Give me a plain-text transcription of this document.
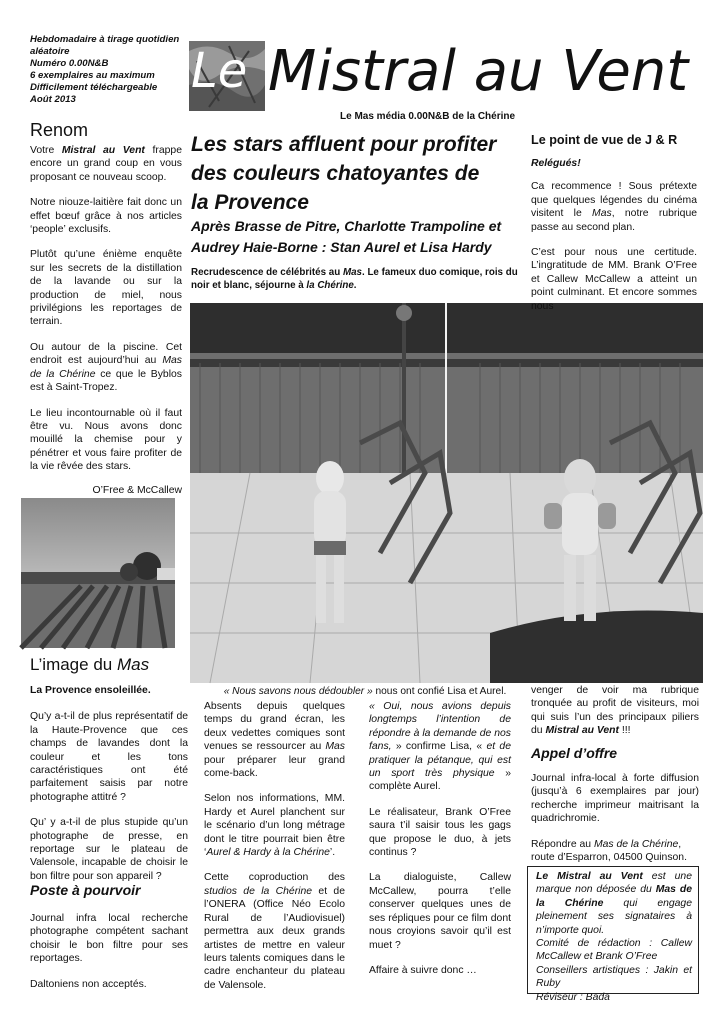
Hebdomadaire à tirage quotidien aléatoire
Numéro 0.00N&B
6 exemplaires au maximum
Difficilement téléchargeable
Août 2013
Le Mistral au Vent
Le Mas média 0.00N&B de la Chérine
Renom

Votre Mistral au Vent frappe encore un grand coup en vous proposant ce nouveau scoop.

Notre niouze-laitière fait donc un effet bœuf grâce à nos articles ‘people’ exclusifs.

Plutôt qu’une énième enquête sur les secrets de la distillation de la lavande ou sur la production de miel, nous privilégions les reportages de terrain.

Ou autour de la piscine. Cet endroit est aujourd’hui au Mas de la Chérine ce que le Byblos est à Saint-Tropez.

Le lieu incontournable où il faut être vu. Nous avons donc mouillé la chemise pour y pénétrer et vous faire profiter de la vie rêvée des stars.

O’Free & McCallew

L’image du Mas

La Provence ensoleillée.

Qu’y a-t-il de plus représentatif de la Haute-Provence que ces champs de lavandes dont la couleur et les tons caractéristiques ont été parfaitement saisis par notre photographe attitré ?

Qu’ y a-t-il de plus stupide qu’un photographe de presse, en reportage sur le plateau de Valensole, incapable de choisir le bon filtre pour son appareil ?

Poste à pourvoir

Journal infra local recherche photographe compétent sachant choisir le bon filtre pour ses reportages.

Daltoniens non acceptés.

Les stars affluent pour profiter des couleurs chatoyantes de la Provence
Après Brasse de Pitre, Charlotte Trampoline et Audrey Haie-Borne : Stan Aurel et Lisa Hardy
Recrudescence de célébrités au Mas. Le fameux duo comique, rois du noir et blanc, séjourne à la Chérine.
« Nous savons nous dédoubler » nous ont confié Lisa et Aurel.

Absents depuis quelques temps du grand écran, les deux vedettes comiques sont venues se ressourcer au Mas pour préparer leur grand come-back.

Selon nos informations, MM. Hardy et Aurel planchent sur le scénario d’un long métrage dont le titre pourrait bien être ‘Aurel & Hardy à la Chérine’.

Cette coproduction des studios de la Chérine et de l’ONERA (Office Néo Ecolo Rural de l’Audiovisuel) permettra aux deux grands artistes de mettre en valeur leurs talents comiques dans le cadre enchanteur du plateau de Valensole.

« Oui, nous avions depuis longtemps l’intention de répondre à la demande de nos fans, » confirme Lisa, « et de pratiquer la pétanque, qui est un sport très physique » complète Aurel.

Le réalisateur, Brank O’Free saura t’il saisir tous les gags que propose le duo, à jets continus ?

La dialoguiste, Callew McCallew, pourra t’elle conserver quelques unes de ses répliques pour ce film dont nous croyions savoir qu’il est muet ?

Affaire à suivre donc …

Le point de vue de J & R

Relégués!

Ca recommence ! Sous prétexte que quelques légendes du cinéma visitent le Mas, notre rubrique passe au second plan.

C’est pour nous une certitude. L’ingratitude de MM. Brank O’Free et Callew McCallew a atteint un point culminant. Et encore sommes nous

venger de voir ma rubrique tronquée au profit de visiteurs, moi qui suis l’un des principaux piliers du Mistral au Vent !!!

Appel d’offre

Journal infra-local à forte diffusion (jusqu’à 6 exemplaires par jour) recherche imprimeur maitrisant la quadrichromie.

Répondre au Mas de la Chérine, route d’Esparron, 04500 Quinson.

Le Mistral au Vent est une marque non déposée du Mas de la Chérine qui engage pleinement ses signataires à n’importe quoi.

Comité de rédaction : Callew McCallew et Brank O’Free

Conseillers artistiques : Jakin et Ruby

Réviseur : Bada
